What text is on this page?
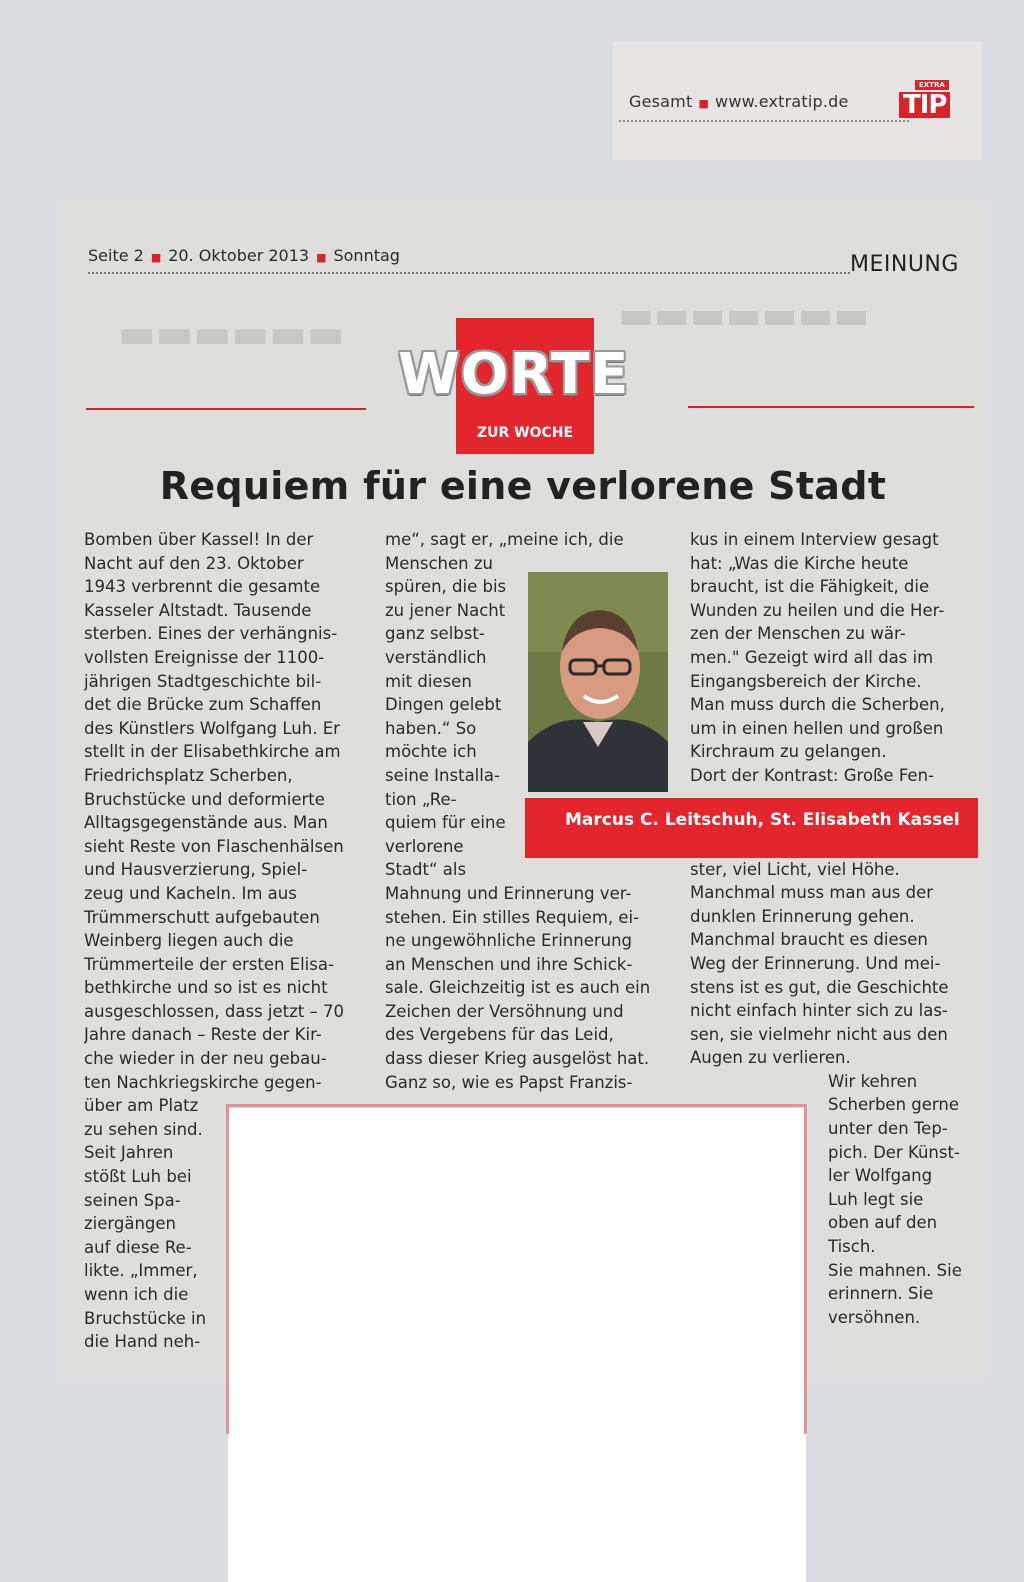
Gesamt ■ www.extratip.de
EXTRA
TIP
Seite 2 ■ 20. Oktober 2013 ■ Sonntag	MEINUNG
▬▬▬▬▬▬	▬▬▬▬▬▬▬
WORTE
ZUR WOCHE
Requiem für eine verlorene Stadt
Bomben über Kassel! In der
Nacht auf den 23. Oktober
1943 verbrennt die gesamte
Kasseler Altstadt. Tausende
sterben. Eines der verhängnis-
vollsten Ereignisse der 1100-
jährigen Stadtgeschichte bil-
det die Brücke zum Schaffen
des Künstlers Wolfgang Luh. Er
stellt in der Elisabethkirche am
Friedrichsplatz Scherben,
Bruchstücke und deformierte
Alltagsgegenstände aus. Man
sieht Reste von Flaschenhälsen
und Hausverzierung, Spiel-
zeug und Kacheln. Im aus
Trümmerschutt aufgebauten
Weinberg liegen auch die
Trümmerteile der ersten Elisa-
bethkirche und so ist es nicht
ausgeschlossen, dass jetzt – 70
Jahre danach – Reste der Kir-
che wieder in der neu gebau-
ten Nachkriegskirche gegen-
über am Platz
zu sehen sind.
Seit Jahren
stößt Luh bei
seinen Spa-
ziergängen
auf diese Re-
likte. „Immer,
wenn ich die
Bruchstücke in
die Hand neh-
me“, sagt er, „meine ich, die
Menschen zu
spüren, die bis
zu jener Nacht
ganz selbst-
verständlich
mit diesen
Dingen gelebt
haben.“ So
möchte ich
seine Installa-
tion „Re-
quiem für eine
verlorene
Stadt“ als
Mahnung und Erinnerung ver-
stehen. Ein stilles Requiem, ei-
ne ungewöhnliche Erinnerung
an Menschen und ihre Schick-
sale. Gleichzeitig ist es auch ein
Zeichen der Versöhnung und
des Vergebens für das Leid,
dass dieser Krieg ausgelöst hat.
Ganz so, wie es Papst Franzis-
kus in einem Interview gesagt
hat: „Was die Kirche heute
braucht, ist die Fähigkeit, die
Wunden zu heilen und die Her-
zen der Menschen zu wär-
men." Gezeigt wird all das im
Eingangsbereich der Kirche.
Man muss durch die Scherben,
um in einen hellen und großen
Kirchraum zu gelangen.
Dort der Kontrast: Große Fen-
ster, viel Licht, viel Höhe.
Manchmal muss man aus der
dunklen Erinnerung gehen.
Manchmal braucht es diesen
Weg der Erinnerung. Und mei-
stens ist es gut, die Geschichte
nicht einfach hinter sich zu las-
sen, sie vielmehr nicht aus den
Augen zu verlieren.
Wir kehren
Scherben gerne
unter den Tep-
pich. Der Künst-
ler Wolfgang
Luh legt sie
oben auf den
Tisch.
Sie mahnen. Sie
erinnern. Sie
versöhnen.
Marcus C. Leitschuh, St. Elisabeth Kassel
